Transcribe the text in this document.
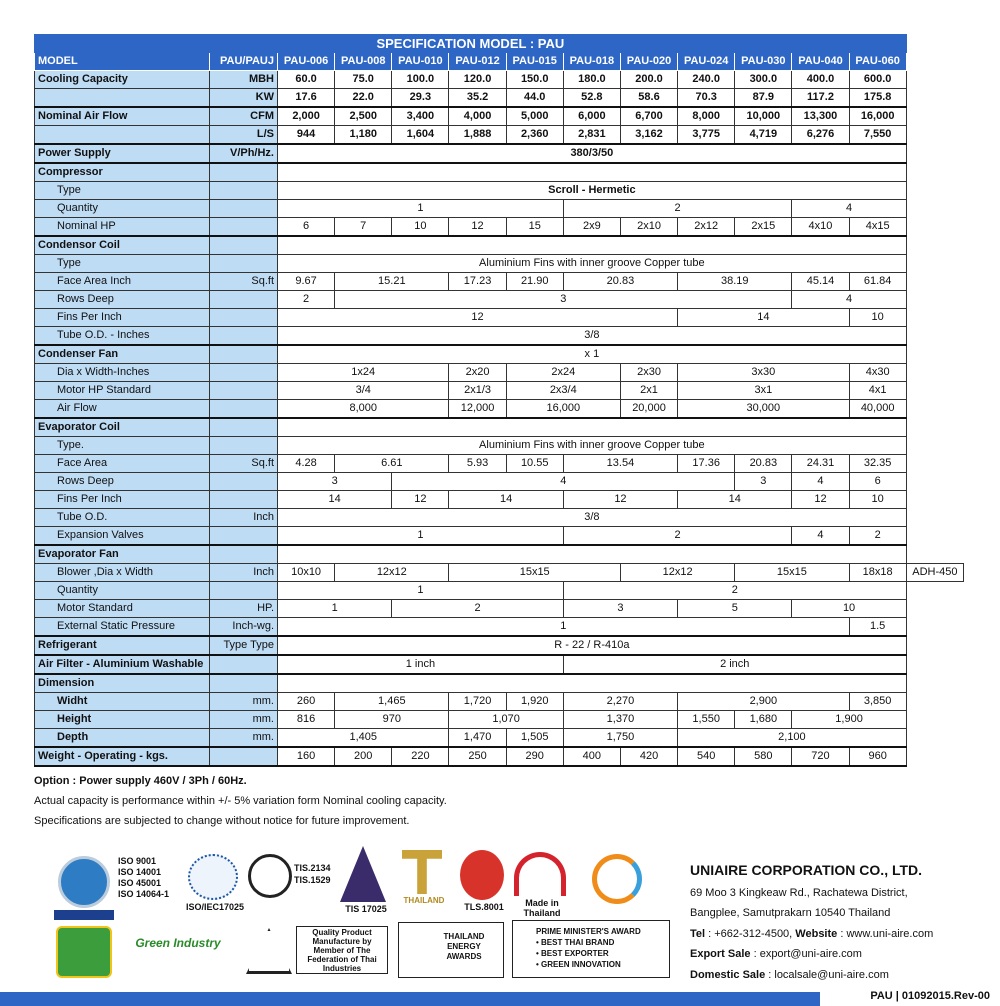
SPECIFICATION MODEL : PAU													
MODEL	PAU/PAUJ	PAU-006	PAU-008	PAU-010	PAU-012	PAU-015	PAU-018	PAU-020	PAU-024	PAU-030	PAU-040	PAU-060	
Cooling Capacity	MBH	60.0	75.0	100.0	120.0	150.0	180.0	200.0	240.0	300.0	400.0	600.0	
	KW	17.6	22.0	29.3	35.2	44.0	52.8	58.6	70.3	87.9	117.2	175.8	
Nominal Air Flow	CFM	2,000	2,500	3,400	4,000	5,000	6,000	6,700	8,000	10,000	13,300	16,000	
	L/S	944	1,180	1,604	1,888	2,360	2,831	3,162	3,775	4,719	6,276	7,550	
Power Supply	V/Ph/Hz.	380/3/50											
Compressor													
Type		Scroll - Hermetic											
Quantity		1					2				4		
Nominal HP		6	7	10	12	15	2x9	2x10	2x12	2x15	4x10	4x15	
Condensor Coil													
Type		Aluminium Fins with inner groove Copper tube											
Face Area Inch	Sq.ft	9.67	15.21		17.23	21.90	20.83		38.19		45.14	61.84	
Rows Deep		2	3								4		
Fins Per Inch		12							14			10	
Tube O.D. - Inches		3/8											
Condenser Fan		x 1											
Dia x Width-Inches		1x24			2x20	2x24		2x30	3x30			4x30	
Motor HP Standard		3/4			2x1/3	2x3/4		2x1	3x1			4x1	
Air Flow		8,000			12,000	16,000		20,000	30,000			40,000	
Evaporator Coil													
Type.		Aluminium Fins with inner groove Copper tube											
Face Area	Sq.ft	4.28	6.61		5.93	10.55	13.54		17.36	20.83	24.31	32.35	
Rows Deep		3		4						3	4	6	
Fins Per Inch		14		12	14		12		14		12	10	
Tube O.D.	Inch	3/8											
Expansion Valves		1					2				4	2	
Evaporator Fan													
Blower ,Dia x Width	Inch	10x10	12x12		15x15			12x12		15x15		18x18	ADH-450
Quantity		1					2						
Motor Standard	HP.	1		2			3		5		10		
External Static Pressure	Inch-wg.	1										1.5	
Refrigerant	Type Type	R - 22 / R-410a											
Air Filter - Aluminium Washable		1 inch					2 inch						
Dimension													
Widht	mm.	260	1,465		1,720	1,920	2,270		2,900			3,850	
Height	mm.	816	970		1,070		1,370		1,550	1,680	1,900		
Depth	mm.	1,405			1,470	1,505	1,750		2,100				
Weight - Operating - kgs.		160	200	220	250	290	400	420	540	580	720	960	
Option : Power supply 460V / 3Ph / 60Hz.
Actual capacity is performance within +/- 5% variation form Nominal cooling capacity.
Specifications are subjected to change without notice for future improvement.
ISO 9001
ISO 14001
ISO 45001
ISO 14064-1
ISO/IEC17025
TIS.2134
TIS.1529
TIS 17025
THAILAND
TLS.8001	Made in Thailand
Green Industry
Quality Product Manufacture by Member of The Federation of Thai Industries
THAILAND ENERGY AWARDS
PRIME MINISTER'S AWARD
• BEST THAI BRAND
• BEST EXPORTER
• GREEN INNOVATION
UNIAIRE CORPORATION CO., LTD.
69 Moo 3 Kingkeaw Rd., Rachatewa District,
Bangplee, Samutprakarn 10540 Thailand
Tel : +662-312-4500, Website : www.uni-aire.com
Export Sale : export@uni-aire.com
Domestic Sale : localsale@uni-aire.com
PAU | 01092015.Rev-00
